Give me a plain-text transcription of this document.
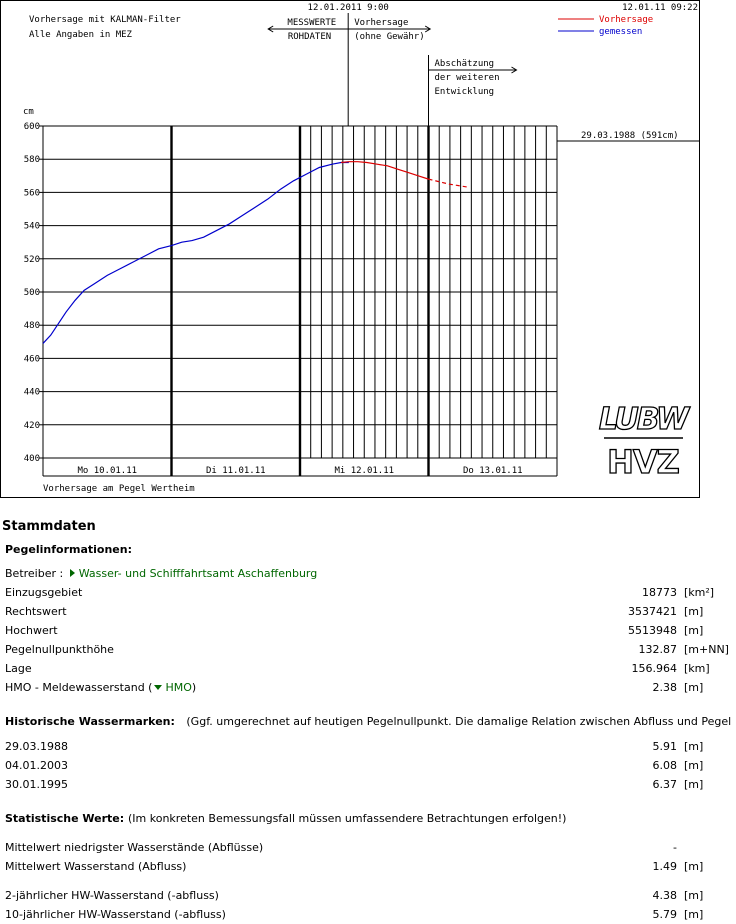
400
420
440
460
480
500
520
540
560
580
600
cm
Mo 10.01.11	Di 11.01.11	Mi 12.01.11	Do 13.01.11
Vorhersage mit KALMAN-Filter
Alle Angaben in MEZ
12.01.2011 9:00	12.01.11 09:22
MESSWERTE
ROHDATEN
Vorhersage
(ohne Gewähr)
Abschätzung
der weiteren
Entwicklung
29.03.1988 (591cm)
Vorhersage
gemessen
Vorhersage am Pegel Wertheim
LUBW
HVZ
Stammdaten
Pegelinformationen:
Betreiber : Wasser- und Schifffahrtsamt Aschaffenburg
Einzugsgebiet	18773 [km²]
Rechtswert	3537421 [m]
Hochwert	5513948 [m]
Pegelnullpunkthöhe	132.87 [m+NN]
Lage	156.964 [km]
HMO - Meldewasserstand ( HMO)	2.38 [m]
Historische Wassermarken: (Ggf. umgerechnet auf heutigen Pegelnullpunkt. Die damalige Relation zwischen Abfluss und Pegel
29.03.1988	5.91 [m]
04.01.2003	6.08 [m]
30.01.1995	6.37 [m]
Statistische Werte: (Im konkreten Bemessungsfall müssen umfassendere Betrachtungen erfolgen!)
Mittelwert niedrigster Wasserstände (Abflüsse)	-
Mittelwert Wasserstand (Abfluss)	1.49 [m]
2-jährlicher HW-Wasserstand (-abfluss)	4.38 [m]
10-jährlicher HW-Wasserstand (-abfluss)	5.79 [m]
